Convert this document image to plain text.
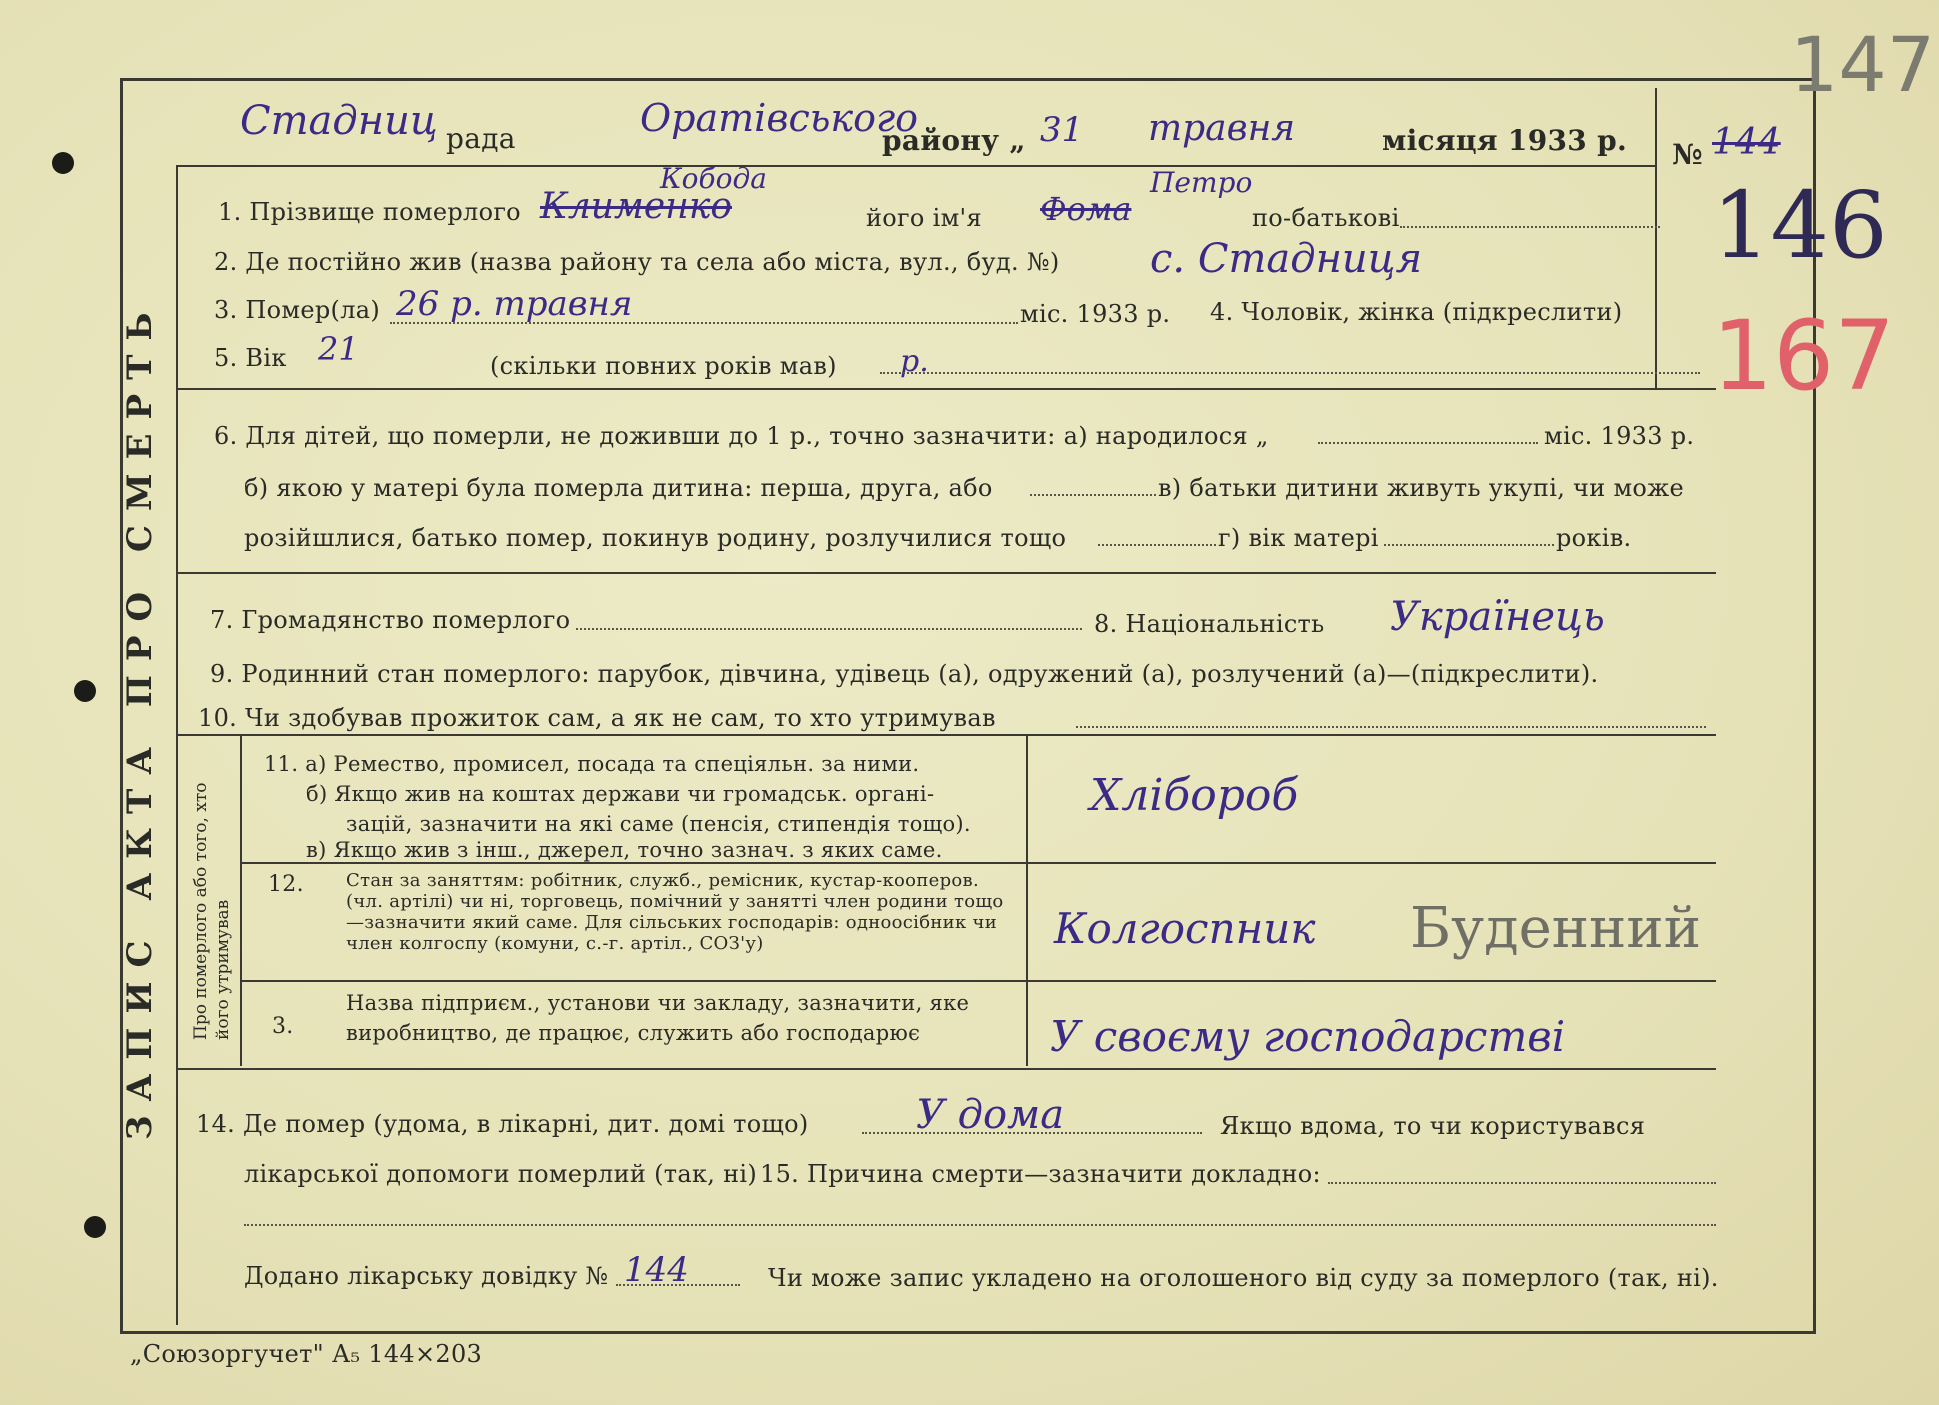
147
167
ЗАПИС АКТА ПРО СМЕРТЬ Про померлого або того, хто його утримував
Стадниц рада	Оратівського
району „ 31 травня	місяця 1933 р. № 144
146
1. Прізвище померлого
Кобода
Клименко	його ім'я
Петро
Фома	по-батькові
2. Де постійно жив (назва району та села або міста, вул., буд. №) с. Стадниця
3. Помер(ла) 26 р. травня	міс. 1933 р. 4. Чоловік, жінка (підкреслити)
5. Вік 21	(скільки повних років мав) р.
6. Для дітей, що померли, не доживши до 1 р., точно зазначити: а) народилося „	міс. 1933 р.
б) якою у матері була померла дитина: перша, друга, або	в) батьки дитини живуть укупі, чи може
розійшлися, батько помер, покинув родину, розлучилися тощо	г) вік матері	років.
7. Громадянство померлого	8. Національність Українець
9. Родинний стан померлого: парубок, дівчина, удівець (а), одружений (а), розлучений (а)—(підкреслити).
10. Чи здобував прожиток сам, а як не сам, то хто утримував
11. а) Ремество, промисел, посада та спеціяльн. за ними.
б) Якщо жив на коштах держави чи громадськ. органі-
зацій, зазначити на які саме (пенсія, стипендія тощо).
в) Якщо жив з інш., джерел, точно зазнач. з яких саме.
Хлібороб
12. Стан за заняттям: робітник, служб., ремісник, кустар-кооперов. (чл. артілі) чи ні, торговець, помічний у занятті член родини тощо—зазначити який саме. Для сільських господарів: одноосібник чи член колгоспу (комуни, с.-г. артіл., СОЗ'у)	Колгоспник Буденний
3.
Назва підприєм., установи чи закладу, зазначити, яке виробництво, де працює, служить або господарює	У своєму господарстві
14. Де помер (удома, в лікарні, дит. домі тощо)	У дома	Якщо вдома, то чи користувався
лікарської допомоги померлий (так, ні) 15. Причина смерти—зазначити докладно:
Додано лікарську довідку № 144	Чи може запис укладено на оголошеного від суду за померлого (так, ні).
„Союзоргучет" А₅ 144×203
